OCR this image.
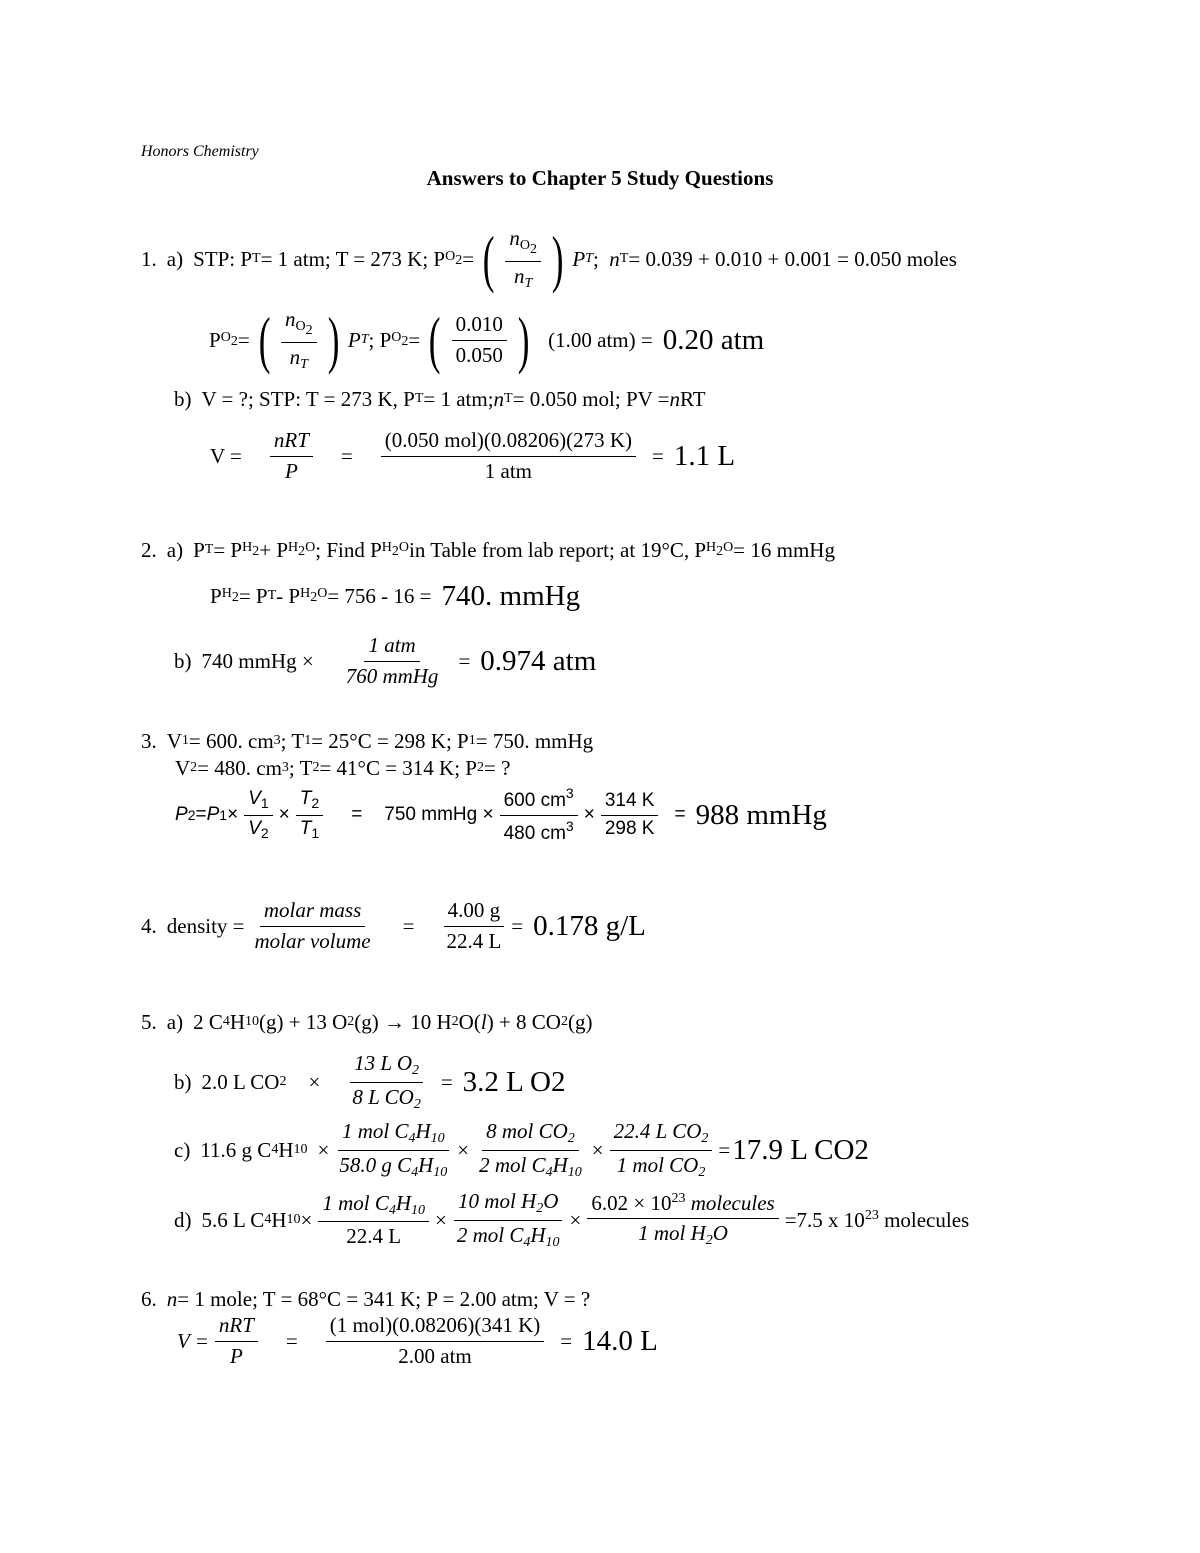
Honors Chemistry
Answers to Chapter 5 Study Questions
1. a) STP: P T = 1 atm; T = 273 K; P $O_2$ = ( $\frac{n_{O_2}}{n_T}$ ) P T ; n T = 0.039 + 0.010 + 0.001 = 0.050 moles
P $O_2$ = ( $\frac{n_{O_2}}{n_T}$ ) P T ; P $O_2$ = ( $\frac{0.010}{0.050}$ ) (1.00 atm) = 0.20 atm
b) V = ?; STP: T = 273 K, P T = 1 atm; n T = 0.050 mol; PV = n RT
$V = \frac{\text{nRT}}{P} = \frac{\text{(0.050 mol)(0.08206)(273 K)}}{\text{1 atm}} = 1.1$ L
2. a) P T = P $H_2 + P$ $H_2O$ ; Find P $H_2O$ in Table from lab report; at 19°C, P $H_2O = 16$ mmHg
P $H_2 = P$ T - P $H_2O = 756 - 16 = 740$. mmHg
b) 740 mmHg × $\frac{\text{1 atm}}{\text{760 mmHg}} = 0.974$ atm
3. V 1 = 600. cm 3 ; T 1 = 25°C = 298 K; P 1 = 750. mmHg
V 2 = 480. cm 3 ; T 2 = 41°C = 314 K; P 2 = ?
P 2 = P $1 \times \frac{V_1}{V_2} \times \frac{T_2}{T_1} = 750$ mmHg × $\frac{600 cm^3}{480 cm^3} \times \frac{314 K}{298 K} = 988$ mmHg
4. density = $\frac{\text{molar mass}}{\text{molar volume}} = \frac{4.00 g}{22.4 L} = 0.178$ g/L
5. a) 2 C 4 H 10 (g) + 13 O 2 (g) → 10 H 2 O( l ) + 8 CO 2 (g)
b) 2.0 L CO $2 \times \frac{13 L O_2}{8 L CO_2} = 3.2$ L O2
c) 11.6 g C 4 H $10 \times \frac{1 mol C_4H_{10}}{58.0 g C_4H_{10}} \times \frac{8 mol CO_2}{2 mol C_4H_{10}} \times \frac{22.4 L CO_2}{1 mol CO_2} = 17.9$ L CO2
d) 5.6 L C 4 H $10 \times \frac{1 mol C_4H_{10}}{22.4 L} \times \frac{10 mol H_2O}{2 mol C_4H_{10}} \times \frac{6.02 \times 10^{23} molecules}{1 mol H_2O} =7.5$ x $10^{23}$ molecules
6. n = 1 mole; T = 68°C = 341 K; P = 2.00 atm; V = ?
$V = \frac{\text{nRT}}{P} = \frac{\text{(1 mol)(0.08206)(341 K)}}{\text{2.00 atm}} = 14.0$ L
